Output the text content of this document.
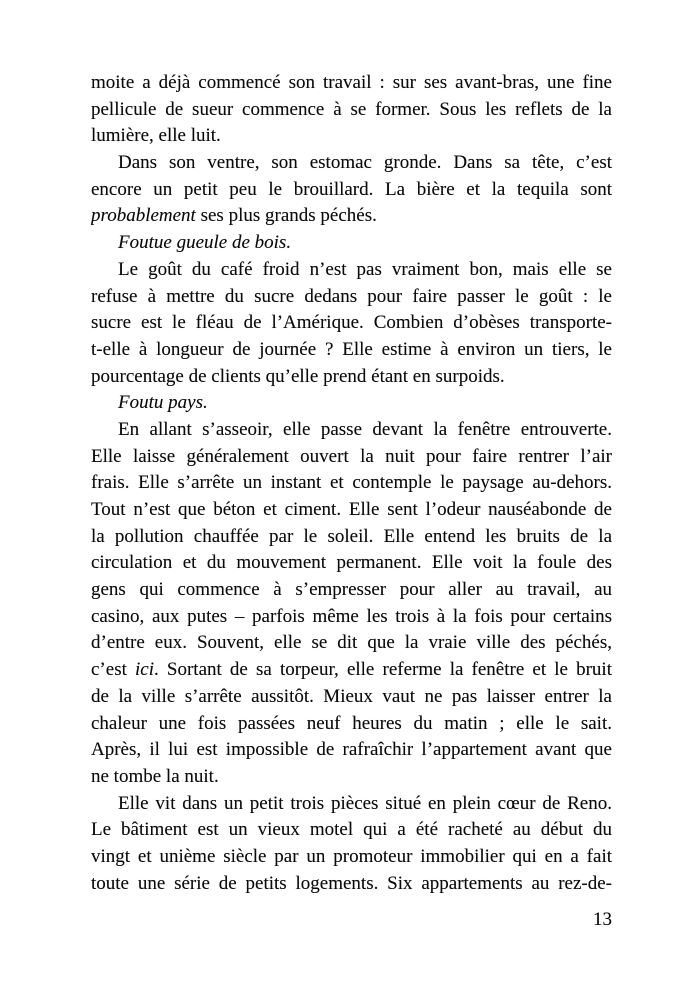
moite a déjà commencé son travail : sur ses avant-bras, une fine
pellicule de sueur commence à se former. Sous les reflets de la
lumière, elle luit.
Dans son ventre, son estomac gronde. Dans sa tête, c’est
encore un petit peu le brouillard. La bière et la tequila sont
probablement ses plus grands péchés.
Foutue gueule de bois.
Le goût du café froid n’est pas vraiment bon, mais elle se
refuse à mettre du sucre dedans pour faire passer le goût : le
sucre est le fléau de l’Amérique. Combien d’obèses transporte-
t-elle à longueur de journée ? Elle estime à environ un tiers, le
pourcentage de clients qu’elle prend étant en surpoids.
Foutu pays.
En allant s’asseoir, elle passe devant la fenêtre entrouverte.
Elle laisse généralement ouvert la nuit pour faire rentrer l’air
frais. Elle s’arrête un instant et contemple le paysage au-dehors.
Tout n’est que béton et ciment. Elle sent l’odeur nauséabonde de
la pollution chauffée par le soleil. Elle entend les bruits de la
circulation et du mouvement permanent. Elle voit la foule des
gens qui commence à s’empresser pour aller au travail, au
casino, aux putes – parfois même les trois à la fois pour certains
d’entre eux. Souvent, elle se dit que la vraie ville des péchés,
c’est ici. Sortant de sa torpeur, elle referme la fenêtre et le bruit
de la ville s’arrête aussitôt. Mieux vaut ne pas laisser entrer la
chaleur une fois passées neuf heures du matin ; elle le sait.
Après, il lui est impossible de rafraîchir l’appartement avant que
ne tombe la nuit.
Elle vit dans un petit trois pièces situé en plein cœur de Reno.
Le bâtiment est un vieux motel qui a été racheté au début du
vingt et unième siècle par un promoteur immobilier qui en a fait
toute une série de petits logements. Six appartements au rez-de-
13
